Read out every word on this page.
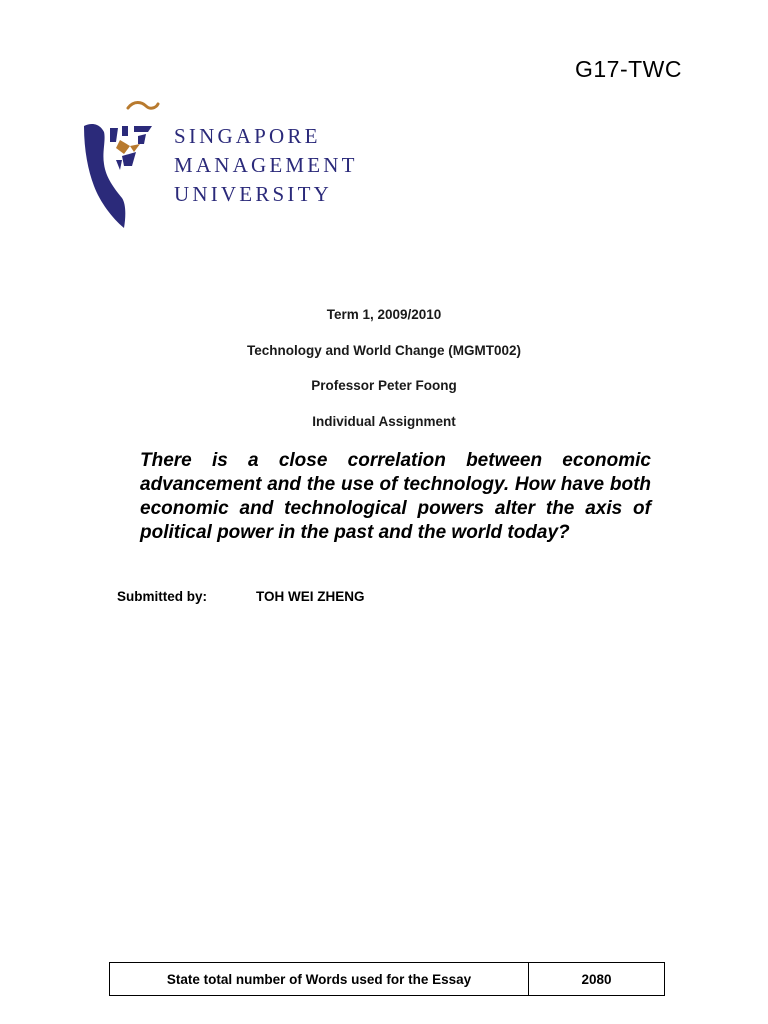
G17-TWC
SINGAPORE
MANAGEMENT
UNIVERSITY
Term 1, 2009/2010
Technology and World Change (MGMT002)
Professor Peter Foong
Individual Assignment
There is a close correlation between economic advancement and the use of technology. How have both economic and technological powers alter the axis of political power in the past and the world today?
Submitted by:	TOH WEI ZHENG
State total number of Words used for the Essay	2080
